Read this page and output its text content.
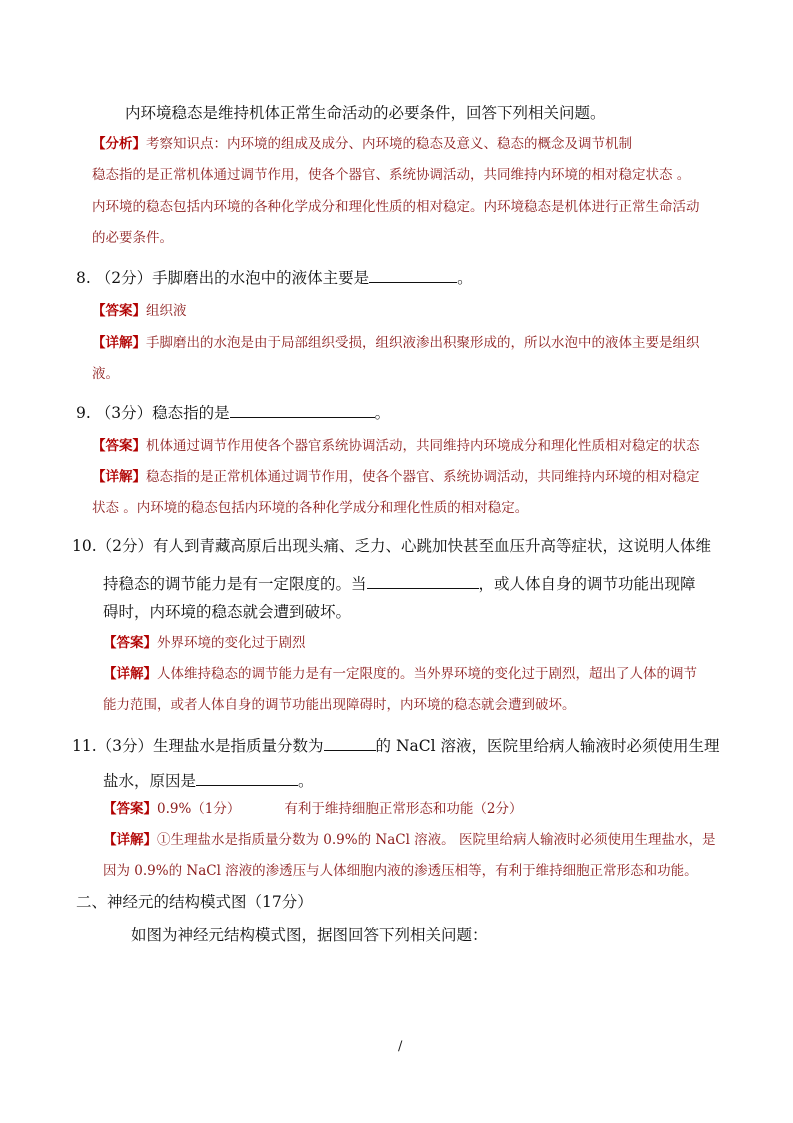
内环境稳态是维持机体正常生命活动的必要条件，回答下列相关问题。
【分析】考察知识点：内环境的组成及成分、内环境的稳态及意义、稳态的概念及调节机制
稳态指的是正常机体通过调节作用，使各个器官、系统协调活动，共同维持内环境的相对稳定状态 。
内环境的稳态包括内环境的各种化学成分和理化性质的相对稳定。内环境稳态是机体进行正常生命活动
的必要条件。
8. （2分）手脚磨出的水泡中的液体主要是	。
【答案】组织液
【详解】手脚磨出的水泡是由于局部组织受损，组织液渗出积聚形成的，所以水泡中的液体主要是组织
液。
9. （3分）稳态指的是	。
【答案】机体通过调节作用使各个器官系统协调活动，共同维持内环境成分和理化性质相对稳定的状态
【详解】稳态指的是正常机体通过调节作用，使各个器官、系统协调活动，共同维持内环境的相对稳定
状态 。内环境的稳态包括内环境的各种化学成分和理化性质的相对稳定。
10.（2分）有人到青藏高原后出现头痛、乏力、心跳加快甚至血压升高等症状，这说明人体维
持稳态的调节能力是有一定限度的。当	，或人体自身的调节功能出现障
碍时，内环境的稳态就会遭到破坏。
【答案】外界环境的变化过于剧烈
【详解】人体维持稳态的调节能力是有一定限度的。当外界环境的变化过于剧烈，超出了人体的调节
能力范围，或者人体自身的调节功能出现障碍时，内环境的稳态就会遭到破坏。
11.（3分）生理盐水是指质量分数为	的 NaCl 溶液，医院里给病人输液时必须使用生理
盐水，原因是	。
【答案】0.9%（1分）	有利于维持细胞正常形态和功能（2分）
【详解】①生理盐水是指质量分数为 0.9%的 NaCl 溶液。 医院里给病人输液时必须使用生理盐水，是
因为 0.9%的 NaCl 溶液的渗透压与人体细胞内液的渗透压相等，有利于维持细胞正常形态和功能。
二、神经元的结构模式图（17分）
如图为神经元结构模式图，据图回答下列相关问题：
/
